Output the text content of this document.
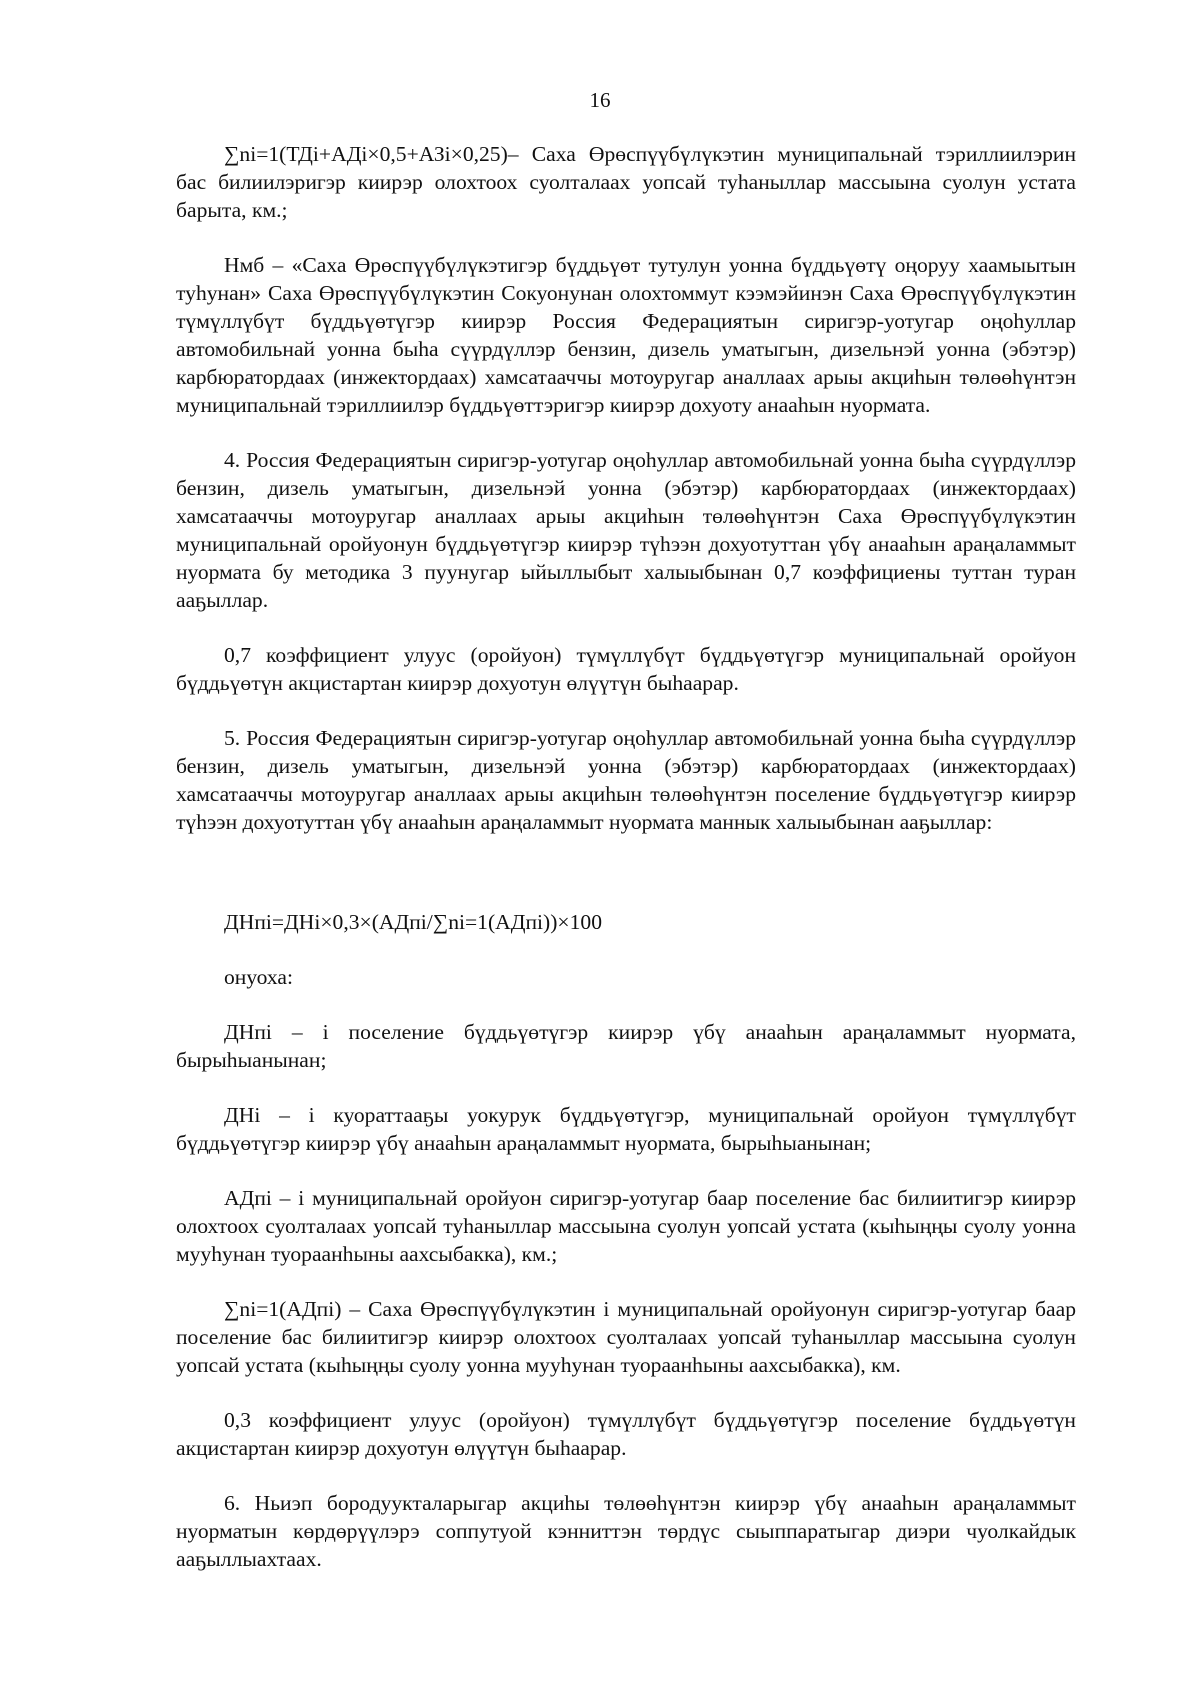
16

∑ni=1(ТДі+АДі×0,5+АЗі×0,25)– Саха Өрөспүүбүлүкэтин муниципальнай тэриллиилэрин бас билиилэригэр киирэр олохтоох суолталаах уопсай туһаныллар массыына суолун устата барыта, км.;

Нмб – «Саха Өрөспүүбүлүкэтигэр бүддьүөт тутулун уонна бүддьүөтү оңоруу хаамыытын туһунан» Саха Өрөспүүбүлүкэтин Сокуонунан олохтоммут кээмэйинэн Саха Өрөспүүбүлүкэтин түмүллүбүт бүддьүөтүгэр киирэр Россия Федерациятын сиригэр-уотугар оңоһуллар автомобильнай уонна быһа сүүрдүллэр бензин, дизель уматыгын, дизельнэй уонна (эбэтэр) карбюратордаах (инжектордаах) хамсатааччы мотоуругар аналлаах арыы акциһын төлөөһүнтэн муниципальнай тэриллиилэр бүддьүөттэригэр киирэр дохуоту анааһын нуормата.

4. Россия Федерациятын сиригэр-уотугар оңоһуллар автомобильнай уонна быһа сүүрдүллэр бензин, дизель уматыгын, дизельнэй уонна (эбэтэр) карбюратордаах (инжектордаах) хамсатааччы мотоуругар аналлаах арыы акциһын төлөөһүнтэн Саха Өрөспүүбүлүкэтин муниципальнай оройуонун бүддьүөтүгэр киирэр түһээн дохуотуттан үбү анааһын араңаламмыт нуормата бу методика 3 пуунугар ыйыллыбыт халыыбынан 0,7 коэффициены туттан туран ааҕыллар.

0,7 коэффициент улуус (оройуон) түмүллүбүт бүддьүөтүгэр муниципальнай оройуон бүддьүөтүн акцистартан киирэр дохуотун өлүүтүн быһаарар.

5. Россия Федерациятын сиригэр-уотугар оңоһуллар автомобильнай уонна быһа сүүрдүллэр бензин, дизель уматыгын, дизельнэй уонна (эбэтэр) карбюратордаах (инжектордаах) хамсатааччы мотоуругар аналлаах арыы акциһын төлөөһүнтэн поселение бүддьүөтүгэр киирэр түһээн дохуотуттан үбү анааһын араңаламмыт нуормата маннык халыыбынан ааҕыллар:

ДНпі=ДНі×0,3×(АДпі/∑ni=1(АДпі))×100

онуоха:

ДНпі – і поселение бүддьүөтүгэр киирэр үбү анааһын араңаламмыт нуормата, бырыһыанынан;

ДНі – і куораттааҕы уокурук бүддьүөтүгэр, муниципальнай оройуон түмүллүбүт бүддьүөтүгэр киирэр үбү анааһын араңаламмыт нуормата, бырыһыанынан;

АДпі – і муниципальнай оройуон сиригэр-уотугар баар поселение бас билиитигэр киирэр олохтоох суолталаах уопсай туһаныллар массыына суолун уопсай устата (кыһыңңы суолу уонна мууһунан туораанһыны аахсыбакка), км.;

∑ni=1(АДпі) – Саха Өрөспүүбүлүкэтин і муниципальнай оройуонун сиригэр-уотугар баар поселение бас билиитигэр киирэр олохтоох суолталаах уопсай туһаныллар массыына суолун уопсай устата (кыһыңңы суолу уонна мууһунан туораанһыны аахсыбакка), км.

0,3 коэффициент улуус (оройуон) түмүллүбүт бүддьүөтүгэр поселение бүддьүөтүн акцистартан киирэр дохуотун өлүүтүн быһаарар.

6. Ньиэп бородуукталарыгар акциһы төлөөһүнтэн киирэр үбү анааһын араңаламмыт нуорматын көрдөрүүлэрэ соппутуой кэнниттэн төрдүс сыыппаратыгар диэри чуолкайдык ааҕыллыахтаах.
